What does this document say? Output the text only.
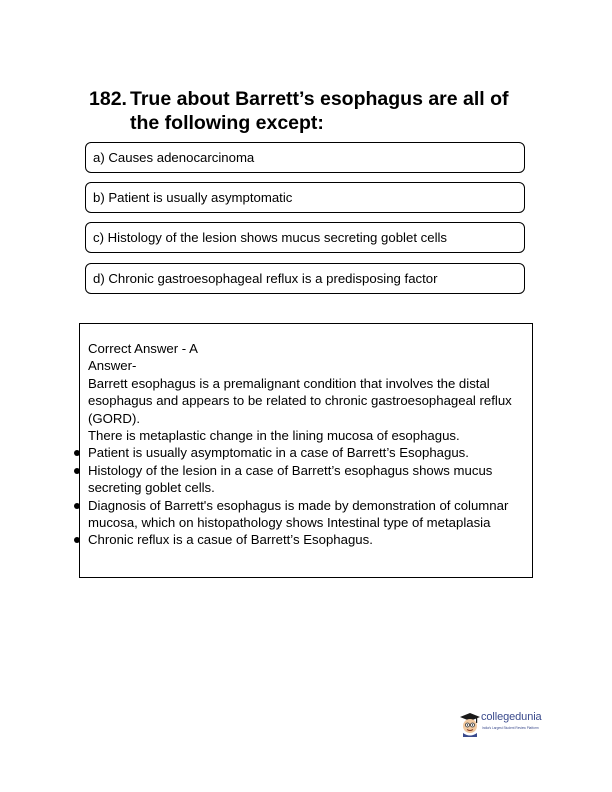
182. True about Barrett’s esophagus are all of the following except:
a) Causes adenocarcinoma
b) Patient is usually asymptomatic
c) Histology of the lesion shows mucus secreting goblet cells
d) Chronic gastroesophageal reflux is a predisposing factor
Correct Answer - A
Answer-
Barrett esophagus is a premalignant condition that involves the distal esophagus and appears to be related to chronic gastroesophageal reflux (GORD).
There is metaplastic change in the lining mucosa of esophagus.
Patient is usually asymptomatic in a case of Barrett’s Esophagus.
Histology of the lesion in a case of Barrett’s esophagus shows mucus secreting goblet cells.
Diagnosis of Barrett's esophagus is made by demonstration of columnar mucosa, which on histopathology shows Intestinal type of metaplasia
Chronic reflux is a casue of Barrett’s Esophagus.
collegedunia
India's Largest Student Review Platform
